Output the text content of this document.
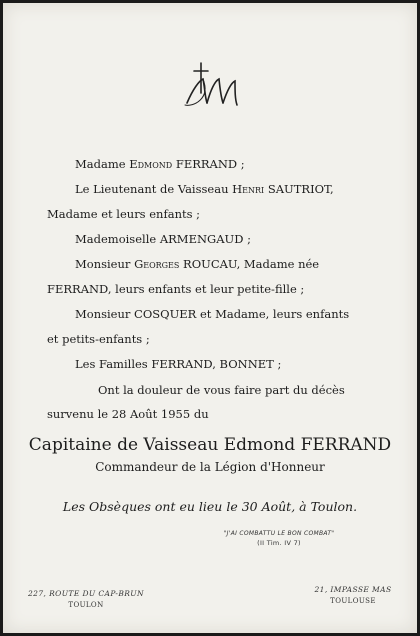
Madame Edmond FERRAND ;
Le Lieutenant de Vaisseau Henri SAUTRIOT,
Madame et leurs enfants ;
Mademoiselle ARMENGAUD ;
Monsieur Georges ROUCAU, Madame née
FERRAND, leurs enfants et leur petite-fille ;
Monsieur COSQUER et Madame, leurs enfants
et petits-enfants ;
Les Familles FERRAND, BONNET ;
Ont la douleur de vous faire part du décès
survenu le 28 Août 1955 du
Capitaine de Vaisseau Edmond FERRAND
Commandeur de la Légion d'Honneur
Les Obsèques ont eu lieu le 30 Août, à Toulon.
"J'AI COMBATTU LE BON COMBAT"
(II Tim. IV 7)
227, ROUTE DU CAP-BRUN
TOULON
21, IMPASSE MAS
TOULOUSE
